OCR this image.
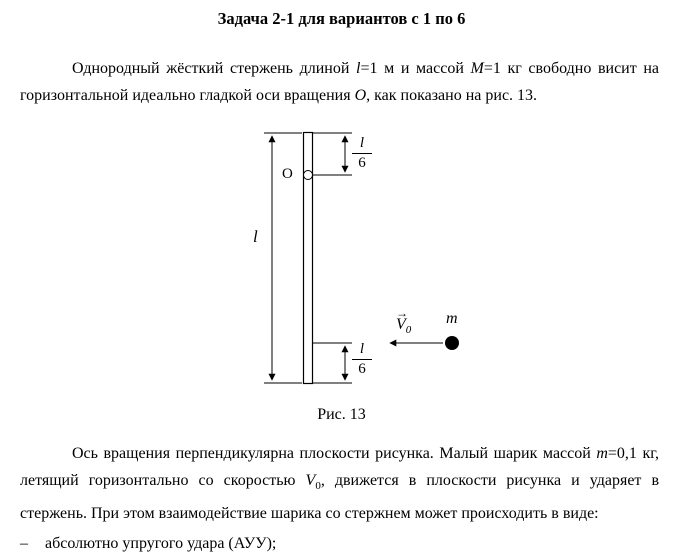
Задача 2-1 для вариантов с 1 по 6

Однородный жёсткий стержень длиной l=1 м и массой M=1 кг свободно висит на горизонтальной идеально гладкой оси вращения О, как показано на рис. 13.

О
l
$\frac{l}{6}$
$\frac{l}{6}$
→
$V_0$
m
Рис. 13

Ось вращения перпендикулярна плоскости рисунка. Малый шарик массой m=0,1 кг, летящий горизонтально со скоростью $V_0$, движется в плоскости рисунка и ударяет в стержень. При этом взаимодействие шарика со стержнем может происходить в виде:

– абсолютно упругого удара (АУУ);
